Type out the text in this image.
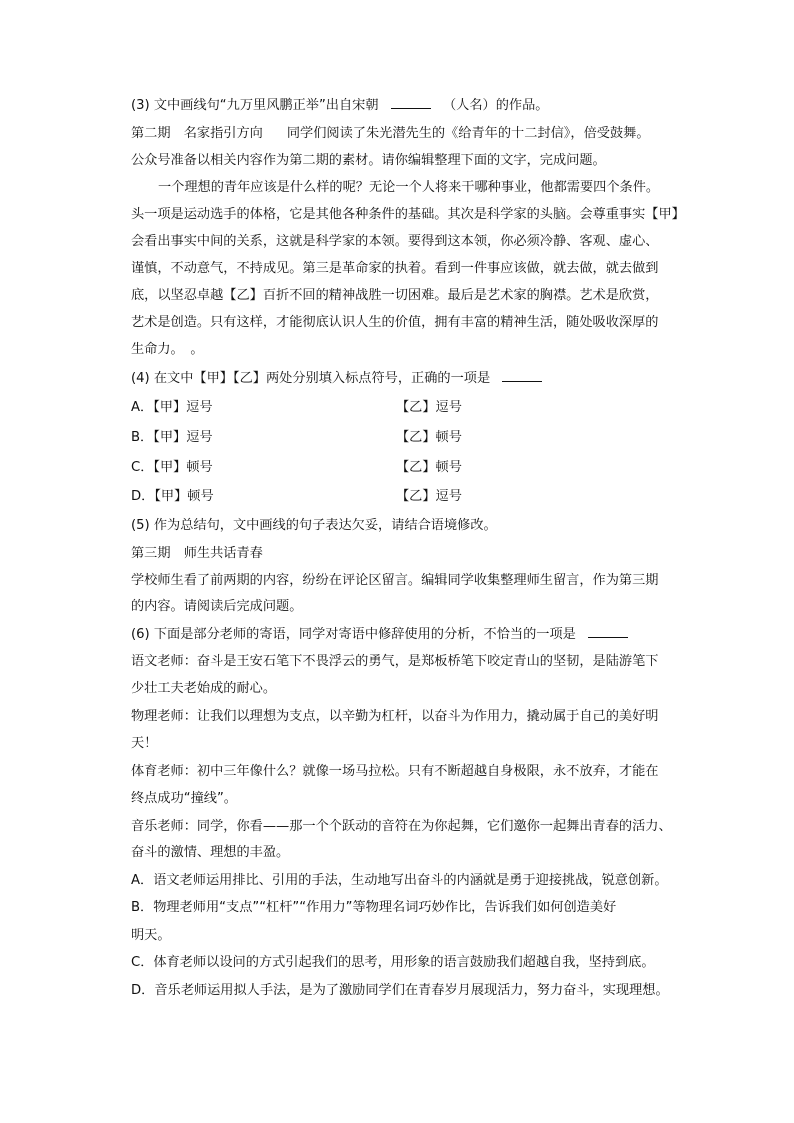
(3) 文中画线句“九万里风鹏正举”出自宋朝	（人名）的作品。
第二期　名家指引方向 同学们阅读了朱光潜先生的《给青年的十二封信》，倍受鼓舞。
公众号准备以相关内容作为第二期的素材。请你编辑整理下面的文字，完成问题。
一个理想的青年应该是什么样的呢？无论一个人将来干哪种事业，他都需要四个条件。
头一项是运动选手的体格，它是其他各种条件的基础。其次是科学家的头脑。会尊重事实【甲】
会看出事实中间的关系，这就是科学家的本领。要得到这本领，你必须冷静、客观、虚心、
谨慎，不动意气，不持成见。第三是革命家的执着。看到一件事应该做，就去做，就去做到
底，以坚忍卓越【乙】百折不回的精神战胜一切困难。最后是艺术家的胸襟。艺术是欣赏，
艺术是创造。只有这样，才能彻底认识人生的价值，拥有丰富的精神生活，随处吸收深厚的
生命力。　。
(4) 在文中【甲】【乙】两处分别填入标点符号，正确的一项是
A．【甲】逗号	【乙】逗号
B．【甲】逗号	【乙】顿号
C．【甲】顿号	【乙】顿号
D．【甲】顿号	【乙】逗号
(5) 作为总结句，文中画线的句子表达欠妥，请结合语境修改。
第三期　师生共话青春
学校师生看了前两期的内容，纷纷在评论区留言。编辑同学收集整理师生留言，作为第三期
的内容。请阅读后完成问题。
(6) 下面是部分老师的寄语，同学对寄语中修辞使用的分析，不恰当的一项是
语文老师：奋斗是王安石笔下不畏浮云的勇气，是郑板桥笔下咬定青山的坚韧，是陆游笔下
少壮工夫老始成的耐心。
物理老师：让我们以理想为支点，以辛勤为杠杆，以奋斗为作用力，撬动属于自己的美好明
天！
体育老师：初中三年像什么？就像一场马拉松。只有不断超越自身极限，永不放弃，才能在
终点成功“撞线”。
音乐老师：同学，你看——那一个个跃动的音符在为你起舞，它们邀你一起舞出青春的活力、
奋斗的激情、理想的丰盈。
A．语文老师运用排比、引用的手法，生动地写出奋斗的内涵就是勇于迎接挑战，锐意创新。
B．物理老师用“支点”“杠杆”“作用力”等物理名词巧妙作比，告诉我们如何创造美好
明天。
C．体育老师以设问的方式引起我们的思考，用形象的语言鼓励我们超越自我，坚持到底。
D．音乐老师运用拟人手法，是为了激励同学们在青春岁月展现活力，努力奋斗，实现理想。
